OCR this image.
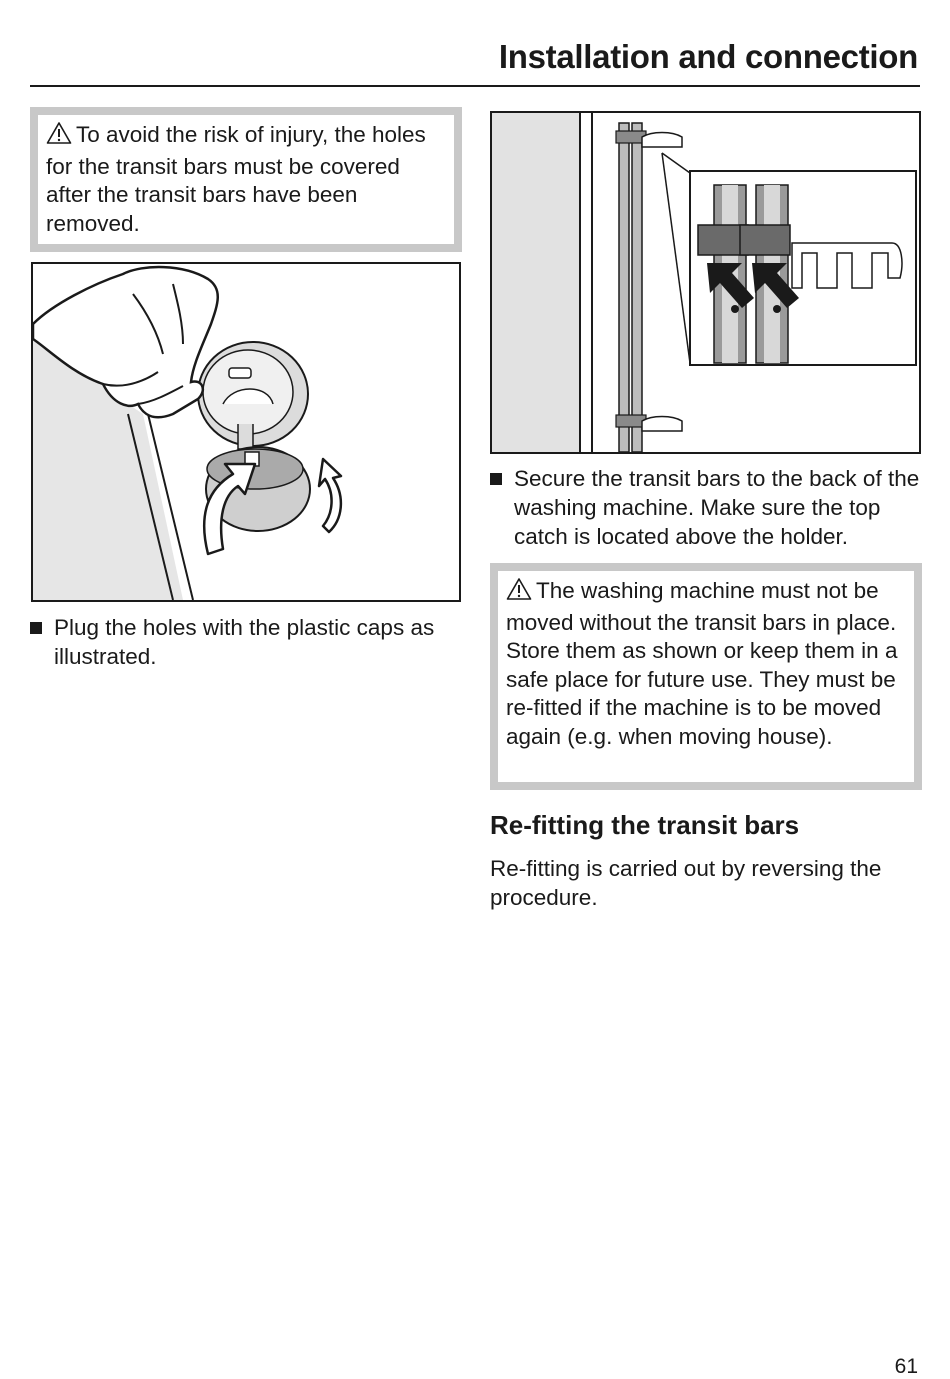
Installation and connection
To avoid the risk of injury, the holes for the transit bars must be covered after the transit bars have been removed.
Plug the holes with the plastic caps as illustrated.
Secure the transit bars to the back of the washing machine. Make sure the top catch is located above the holder.
The washing machine must not be moved without the transit bars in place. Store them as shown or keep them in a safe place for future use. They must be re-fitted if the machine is to be moved again (e.g. when moving house).
Re-fitting the transit bars
Re-fitting is carried out by reversing the procedure.
61
